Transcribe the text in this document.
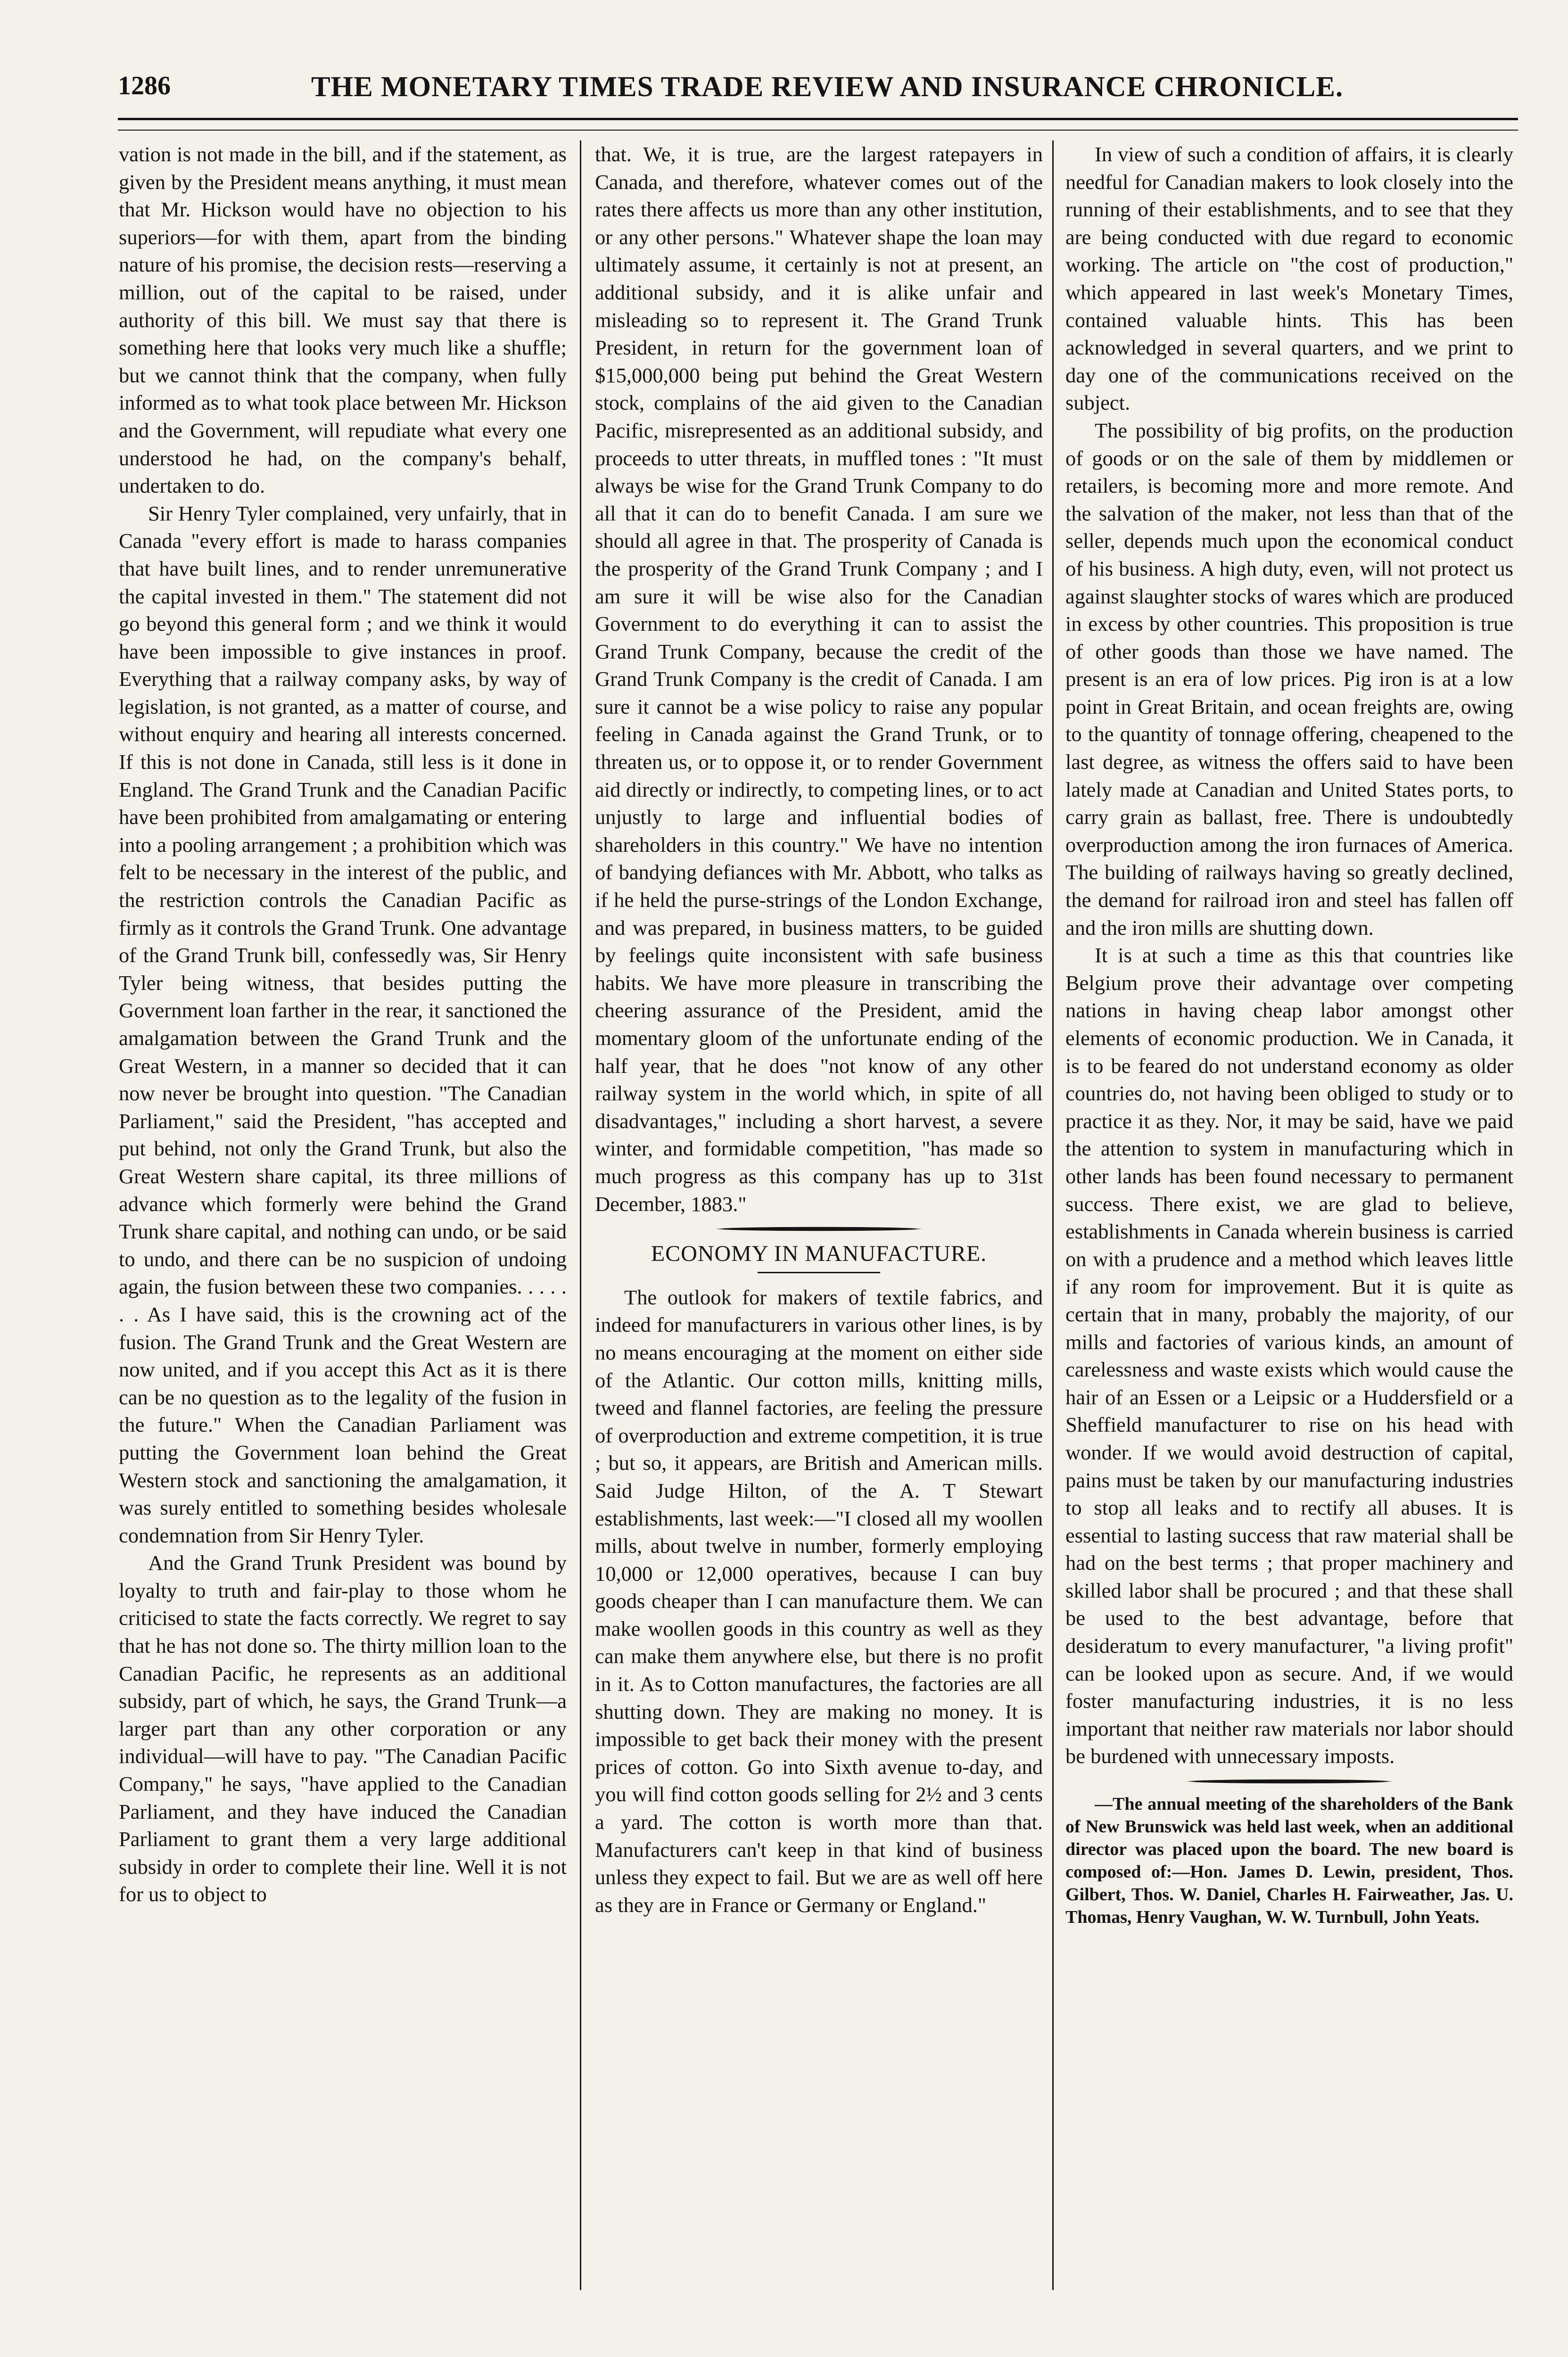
1286	THE MONETARY TIMES TRADE REVIEW AND INSURANCE CHRONICLE.

vation is not made in the bill, and if the statement, as given by the President means anything, it must mean that Mr. Hickson would have no objection to his superiors—for with them, apart from the binding nature of his promise, the decision rests—reserving a million, out of the capital to be raised, under authority of this bill. We must say that there is something here that looks very much like a shuffle; but we cannot think that the company, when fully informed as to what took place between Mr. Hickson and the Government, will repudiate what every one understood he had, on the company's behalf, undertaken to do.

Sir Henry Tyler complained, very unfairly, that in Canada "every effort is made to harass companies that have built lines, and to render unremunerative the capital invested in them." The statement did not go beyond this general form ; and we think it would have been impossible to give instances in proof. Everything that a railway company asks, by way of legislation, is not granted, as a matter of course, and without enquiry and hearing all interests concerned. If this is not done in Canada, still less is it done in England. The Grand Trunk and the Canadian Pacific have been prohibited from amalgamating or entering into a pooling arrangement ; a prohibition which was felt to be necessary in the interest of the public, and the restriction controls the Canadian Pacific as firmly as it controls the Grand Trunk. One advantage of the Grand Trunk bill, confessedly was, Sir Henry Tyler being witness, that besides putting the Government loan farther in the rear, it sanctioned the amalgamation between the Grand Trunk and the Great Western, in a manner so decided that it can now never be brought into question. "The Canadian Parliament," said the President, "has accepted and put behind, not only the Grand Trunk, but also the Great Western share capital, its three millions of advance which formerly were behind the Grand Trunk share capital, and nothing can undo, or be said to undo, and there can be no suspicion of undoing again, the fusion between these two companies. . . . . . . As I have said, this is the crowning act of the fusion. The Grand Trunk and the Great Western are now united, and if you accept this Act as it is there can be no question as to the legality of the fusion in the future." When the Canadian Parliament was putting the Government loan behind the Great Western stock and sanctioning the amalgamation, it was surely entitled to something besides wholesale condemnation from Sir Henry Tyler.

And the Grand Trunk President was bound by loyalty to truth and fair-play to those whom he criticised to state the facts correctly. We regret to say that he has not done so. The thirty million loan to the Canadian Pacific, he represents as an additional subsidy, part of which, he says, the Grand Trunk—a larger part than any other corporation or any individual—will have to pay. "The Canadian Pacific Company," he says, "have applied to the Canadian Parliament, and they have induced the Canadian Parliament to grant them a very large additional subsidy in order to complete their line. Well it is not for us to object to

that. We, it is true, are the largest ratepayers in Canada, and therefore, whatever comes out of the rates there affects us more than any other institution, or any other persons." Whatever shape the loan may ultimately assume, it certainly is not at present, an additional subsidy, and it is alike unfair and misleading so to represent it. The Grand Trunk President, in return for the government loan of $15,000,000 being put behind the Great Western stock, complains of the aid given to the Canadian Pacific, misrepresented as an additional subsidy, and proceeds to utter threats, in muffled tones : "It must always be wise for the Grand Trunk Company to do all that it can do to benefit Canada. I am sure we should all agree in that. The prosperity of Canada is the prosperity of the Grand Trunk Company ; and I am sure it will be wise also for the Canadian Government to do everything it can to assist the Grand Trunk Company, because the credit of the Grand Trunk Company is the credit of Canada. I am sure it cannot be a wise policy to raise any popular feeling in Canada against the Grand Trunk, or to threaten us, or to oppose it, or to render Government aid directly or indirectly, to competing lines, or to act unjustly to large and influential bodies of shareholders in this country." We have no intention of bandying defiances with Mr. Abbott, who talks as if he held the purse-strings of the London Exchange, and was prepared, in business matters, to be guided by feelings quite inconsistent with safe business habits. We have more pleasure in transcribing the cheering assurance of the President, amid the momentary gloom of the unfortunate ending of the half year, that he does "not know of any other railway system in the world which, in spite of all disadvantages," including a short harvest, a severe winter, and formidable competition, "has made so much progress as this company has up to 31st December, 1883."

ECONOMY IN MANUFACTURE.

The outlook for makers of textile fabrics, and indeed for manufacturers in various other lines, is by no means encouraging at the moment on either side of the Atlantic. Our cotton mills, knitting mills, tweed and flannel factories, are feeling the pressure of overproduction and extreme competition, it is true ; but so, it appears, are British and American mills. Said Judge Hilton, of the A. T Stewart establishments, last week:—"I closed all my woollen mills, about twelve in number, formerly employing 10,000 or 12,000 operatives, because I can buy goods cheaper than I can manufacture them. We can make woollen goods in this country as well as they can make them anywhere else, but there is no profit in it. As to Cotton manufactures, the factories are all shutting down. They are making no money. It is impossible to get back their money with the present prices of cotton. Go into Sixth avenue to-day, and you will find cotton goods selling for 2½ and 3 cents a yard. The cotton is worth more than that. Manufacturers can't keep in that kind of business unless they expect to fail. But we are as well off here as they are in France or Germany or England."

In view of such a condition of affairs, it is clearly needful for Canadian makers to look closely into the running of their establishments, and to see that they are being conducted with due regard to economic working. The article on "the cost of production," which appeared in last week's Monetary Times, contained valuable hints. This has been acknowledged in several quarters, and we print to day one of the communications received on the subject.

The possibility of big profits, on the production of goods or on the sale of them by middlemen or retailers, is becoming more and more remote. And the salvation of the maker, not less than that of the seller, depends much upon the economical conduct of his business. A high duty, even, will not protect us against slaughter stocks of wares which are produced in excess by other countries. This proposition is true of other goods than those we have named. The present is an era of low prices. Pig iron is at a low point in Great Britain, and ocean freights are, owing to the quantity of tonnage offering, cheapened to the last degree, as witness the offers said to have been lately made at Canadian and United States ports, to carry grain as ballast, free. There is undoubtedly overproduction among the iron furnaces of America. The building of railways having so greatly declined, the demand for railroad iron and steel has fallen off and the iron mills are shutting down.

It is at such a time as this that countries like Belgium prove their advantage over competing nations in having cheap labor amongst other elements of economic production. We in Canada, it is to be feared do not understand economy as older countries do, not having been obliged to study or to practice it as they. Nor, it may be said, have we paid the attention to system in manufacturing which in other lands has been found necessary to permanent success. There exist, we are glad to believe, establishments in Canada wherein business is carried on with a prudence and a method which leaves little if any room for improvement. But it is quite as certain that in many, probably the majority, of our mills and factories of various kinds, an amount of carelessness and waste exists which would cause the hair of an Essen or a Leipsic or a Huddersfield or a Sheffield manufacturer to rise on his head with wonder. If we would avoid destruction of capital, pains must be taken by our manufacturing industries to stop all leaks and to rectify all abuses. It is essential to lasting success that raw material shall be had on the best terms ; that proper machinery and skilled labor shall be procured ; and that these shall be used to the best advantage, before that desideratum to every manufacturer, "a living profit" can be looked upon as secure. And, if we would foster manufacturing industries, it is no less important that neither raw materials nor labor should be burdened with unnecessary imposts.

—The annual meeting of the shareholders of the Bank of New Brunswick was held last week, when an additional director was placed upon the board. The new board is composed of:—Hon. James D. Lewin, president, Thos. Gilbert, Thos. W. Daniel, Charles H. Fairweather, Jas. U. Thomas, Henry Vaughan, W. W. Turnbull, John Yeats.
